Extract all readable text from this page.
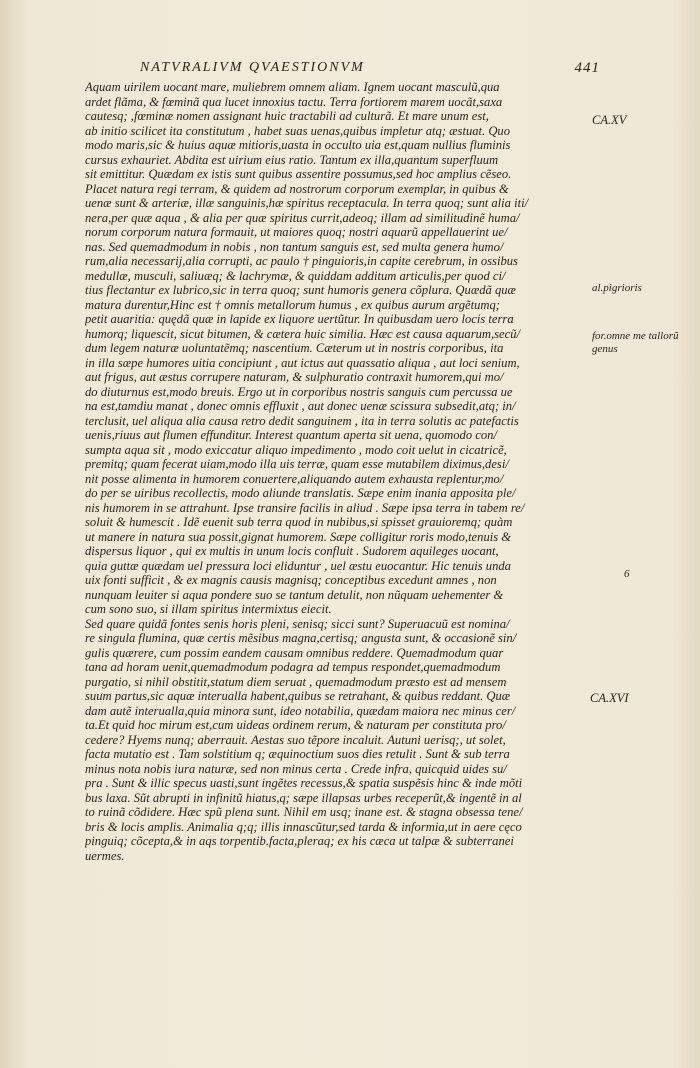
NATVRALIVM QVAESTIONVM	441
Aquam uirilem uocant mare, muliebrem omnem aliam. Ignem uocant masculũ,qua
ardet flãma, & fœminã qua lucet innoxius tactu. Terra fortiorem marem uocãt,saxa
cautesq; ,fœminæ nomen assignant huic tractabili ad culturã. Et mare unum est,
ab initio scilicet ita constitutum , habet suas uenas,quibus impletur atq; æstuat. Quo
modo maris,sic & huius aquæ mitioris,uasta in occulto uia est,quam nullius fluminis
cursus exhauriet. Abdita est uirium eius ratio. Tantum ex illa,quantum superfluum
sit emittitur. Quædam ex istis sunt quibus assentire possumus,sed hoc amplius cẽseo.
Placet natura regi terram, & quidem ad nostrorum corporum exemplar, in quibus &
uenæ sunt & arteriæ, illæ sanguinis,hæ spiritus receptacula. In terra quoq; sunt alia iti/
nera,per quæ aqua , & alia per quæ spiritus currit,adeoq; illam ad similitudinẽ huma/
norum corporum natura formauit, ut maiores quoq; nostri aquarũ appellauerint ue/
nas. Sed quemadmodum in nobis , non tantum sanguis est, sed multa genera humo/
rum,alia necessarij,alia corrupti, ac paulo † pinguioris,in capite cerebrum, in ossibus
medullæ, musculi, saliuæq; & lachrymæ, & quiddam additum articulis,per quod ci/
tius flectantur ex lubrico,sic in terra quoq; sunt humoris genera cõplura. Quædã quæ
matura durentur,Hinc est † omnis metallorum humus , ex quibus aurum argẽtumq;
petit auaritia: quędã quæ in lapide ex liquore uertũtur. In quibusdam uero locis terra
humorq; liquescit, sicut bitumen, & cætera huic similia. Hæc est causa aquarum,secũ/
dum legem naturæ uoluntatẽmq; nascentium. Cæterum ut in nostris corporibus, ita
in illa sæpe humores uitia concipiunt , aut ictus aut quassatio aliqua , aut loci senium,
aut frigus, aut æstus corrupere naturam, & sulphuratio contraxit humorem,qui mo/
do diuturnus est,modo breuis. Ergo ut in corporibus nostris sanguis cum percussa ue
na est,tamdiu manat , donec omnis effluxit , aut donec uenæ scissura subsedit,atq; in/
terclusit, uel aliqua alia causa retro dedit sanguinem , ita in terra solutis ac patefactis
uenis,riuus aut flumen effunditur. Interest quantum aperta sit uena, quomodo con/
sumpta aqua sit , modo exiccatur aliquo impedimento , modo coit uelut in cicatricẽ,
premitq; quam fecerat uiam,modo illa uis terræ, quam esse mutabilem diximus,desi/
nit posse alimenta in humorem conuertere,aliquando autem exhausta replentur,mo/
do per se uiribus recollectis, modo aliunde translatis. Sæpe enim inania apposita ple/
nis humorem in se attrahunt. Ipse transire facilis in aliud . Sæpe ipsa terra in tabem re/
soluit & humescit . Idẽ euenit sub terra quod in nubibus,si spisset grauioremq; quàm
ut manere in natura sua possit,gignat humorem. Sæpe colligitur roris modo,tenuis &
dispersus liquor , qui ex multis in unum locis confluit . Sudorem aquileges uocant,
quia guttæ quædam uel pressura loci eliduntur , uel æstu euocantur. Hic tenuis unda
uix fonti sufficit , & ex magnis causis magnisq; conceptibus excedunt amnes , non
nunquam leuiter si aqua pondere suo se tantum detulit, non nũquam uehementer &
cum sono suo, si illam spiritus intermixtus eiecit.
Sed quare quidã fontes senis horis pleni, senisq; sicci sunt? Superuacuũ est nomina/
re singula flumina, quæ certis mẽsibus magna,certisq; angusta sunt, & occasionẽ sin/
gulis quærere, cum possim eandem causam omnibus reddere. Quemadmodum quar
tana ad horam uenit,quemadmodum podagra ad tempus respondet,quemadmodum
purgatio, si nihil obstitit,statum diem seruat , quemadmodum præsto est ad mensem
suum partus,sic aquæ interualla habent,quibus se retrahant, & quibus reddant. Quæ
dam autẽ interualla,quia minora sunt, ideo notabilia, quædam maiora nec minus cer/
ta.Et quid hoc mirum est,cum uideas ordinem rerum, & naturam per constituta pro/
cedere? Hyems nunq; aberrauit. Aestas suo tẽpore incaluit. Autuni uerisq;, ut solet,
facta mutatio est . Tam solstitium q; æquinoctium suos dies retulit . Sunt & sub terra
minus nota nobis iura naturæ, sed non minus certa . Crede infra, quicquid uides su/
pra . Sunt & illic specus uasti,sunt ingẽtes recessus,& spatia suspẽsis hinc & inde mõti
bus laxa. Sũt abrupti in infinitũ hiatus,q; sæpe illapsas urbes receperũt,& ingentẽ in al
to ruinã cõdidere. Hæc spũ plena sunt. Nihil em usq; inane est. & stagna obsessa tene/
bris & locis amplis. Animalia q;q; illis innascũtur,sed tarda & informia,ut in aere cęco
pinguiq; cõcepta,& in aqs torpentib.facta,pleraq; ex his cæca ut talpæ & subterranei
uermes.
CA.XV
al.pigrioris
for.omne me tallorũ genus
6
CA.XVI
